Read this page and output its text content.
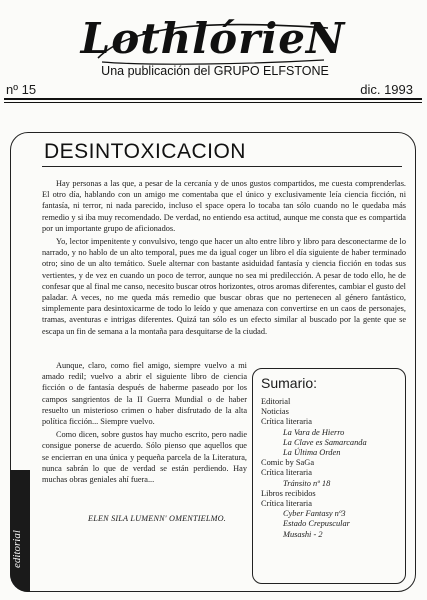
LothlórieN
Una publicación del GRUPO ELFSTONE
nº 15	dic. 1993
editorial
DESINTOXICACION

Hay personas a las que, a pesar de la cercanía y de unos gustos compartidos, me cuesta comprenderlas. El otro día, hablando con un amigo me comentaba que el único y exclusivamente leía ciencia ficción, ni fantasía, ni terror, ni nada parecido, incluso el space opera lo tocaba tan sólo cuando no le quedaba más remedio y si iba muy recomendado. De verdad, no entiendo esa actitud, aunque me consta que es compartida por un importante grupo de aficionados.

Yo, lector impenitente y convulsivo, tengo que hacer un alto entre libro y libro para desconectarme de lo narrado, y no hablo de un alto temporal, pues me da igual coger un libro el día siguiente de haber terminado otro; sino de un alto temático. Suele alternar con bastante asiduidad fantasía y ciencia ficción en todas sus vertientes, y de vez en cuando un poco de terror, aunque no sea mi predilección. A pesar de todo ello, he de confesar que al final me canso, necesito buscar otros horizontes, otros aromas diferentes, cambiar el gusto del paladar. A veces, no me queda más remedio que buscar obras que no pertenecen al género fantástico, simplemente para desintoxicarme de todo lo leído y que amenaza con convertirse en un caos de personajes, tramas, aventuras e intrigas diferentes. Quizá tan sólo es un efecto similar al buscado por la gente que se escapa un fin de semana a la montaña para desquitarse de la ciudad.

Aunque, claro, como fiel amigo, siempre vuelvo a mi amado redil; vuelvo a abrir el siguiente libro de ciencia ficción o de fantasía después de haberme paseado por los campos sangrientos de la II Guerra Mundial o de haber resuelto un misterioso crimen o haber disfrutado de la alta política ficción... Siempre vuelvo.

Como dicen, sobre gustos hay mucho escrito, pero nadie consigue ponerse de acuerdo. Sólo pienso que aquellos que se encierran en una única y pequeña parcela de la Literatura, nunca sabrán lo que de verdad se están perdiendo. Hay muchas obras geniales ahí fuera...

ELEN SILA LUMENN' OMENTIELMO.
Sumario:
Editorial
Noticias
Crítica literaria
La Vara de Hierro
La Clave es Samarcanda
La Última Orden
Comic by SaGa
Crítica literaria
Tránsito nº 18
Libros recibidos
Crítica literaria
Cyber Fantasy nº3
Estado Crepuscular
Musashi - 2
